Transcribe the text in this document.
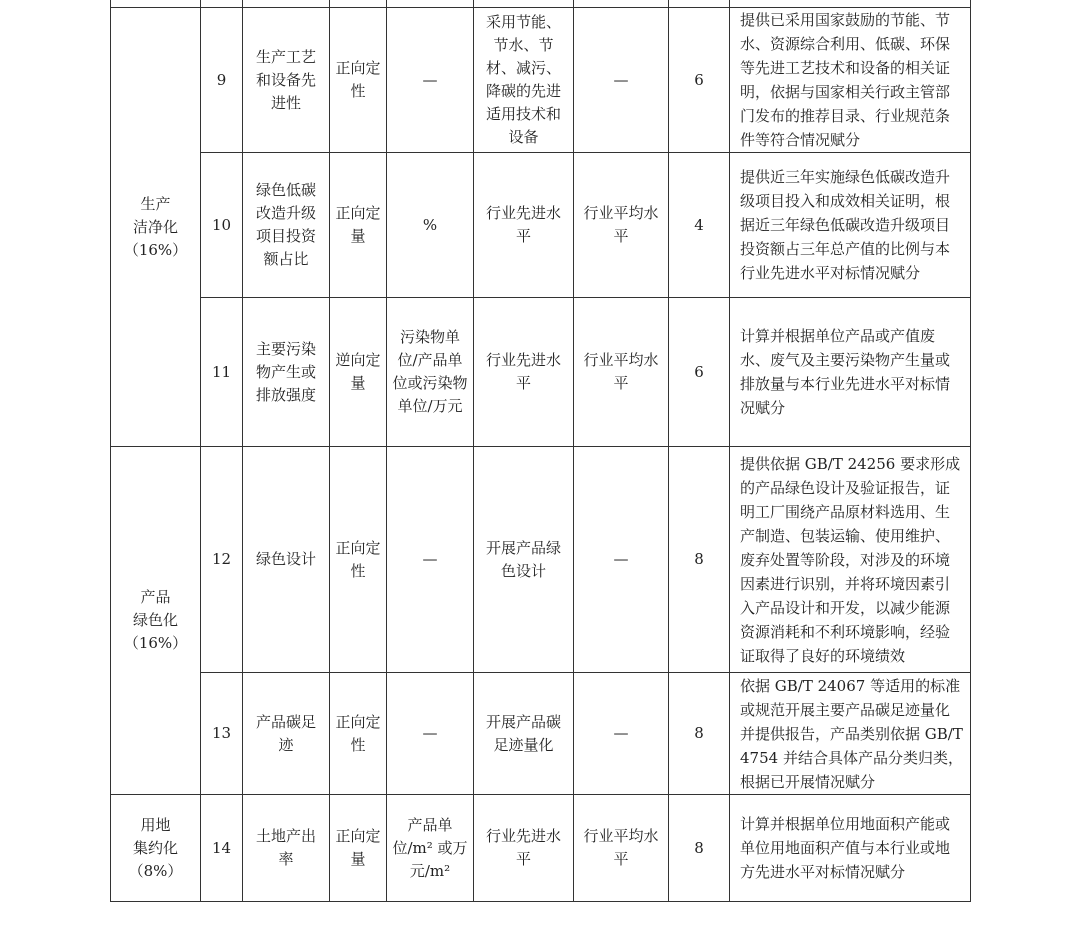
生产
洁净化
（16%）	9	生产工艺和设备先进性	正向定性	—	采用节能、节水、节材、减污、降碳的先进适用技术和设备	—	6	提供已采用国家鼓励的节能、节水、资源综合利用、低碳、环保等先进工艺技术和设备的相关证明，依据与国家相关行政主管部门发布的推荐目录、行业规范条件等符合情况赋分
	10	绿色低碳改造升级项目投资额占比	正向定量	%	行业先进水平	行业平均水平	4	提供近三年实施绿色低碳改造升级项目投入和成效相关证明，根据近三年绿色低碳改造升级项目投资额占三年总产值的比例与本行业先进水平对标情况赋分
	11	主要污染物产生或排放强度	逆向定量	污染物单位/产品单位或污染物单位/万元	行业先进水平	行业平均水平	6	计算并根据单位产品或产值废水、废气及主要污染物产生量或排放量与本行业先进水平对标情况赋分

产品
绿色化
（16%）	12	绿色设计	正向定性	—	开展产品绿色设计	—	8	提供依据 GB/T 24256 要求形成的产品绿色设计及验证报告，证明工厂围绕产品原材料选用、生产制造、包装运输、使用维护、废弃处置等阶段，对涉及的环境因素进行识别，并将环境因素引入产品设计和开发，以减少能源资源消耗和不利环境影响，经验证取得了良好的环境绩效
	13	产品碳足迹	正向定性	—	开展产品碳足迹量化	—	8	依据 GB/T 24067 等适用的标准或规范开展主要产品碳足迹量化并提供报告，产品类别依据 GB/T 4754 并结合具体产品分类归类，根据已开展情况赋分

用地
集约化
（8%）	14	土地产出率	正向定量	产品单位/m² 或万元/m²	行业先进水平	行业平均水平	8	计算并根据单位用地面积产能或单位用地面积产值与本行业或地方先进水平对标情况赋分
